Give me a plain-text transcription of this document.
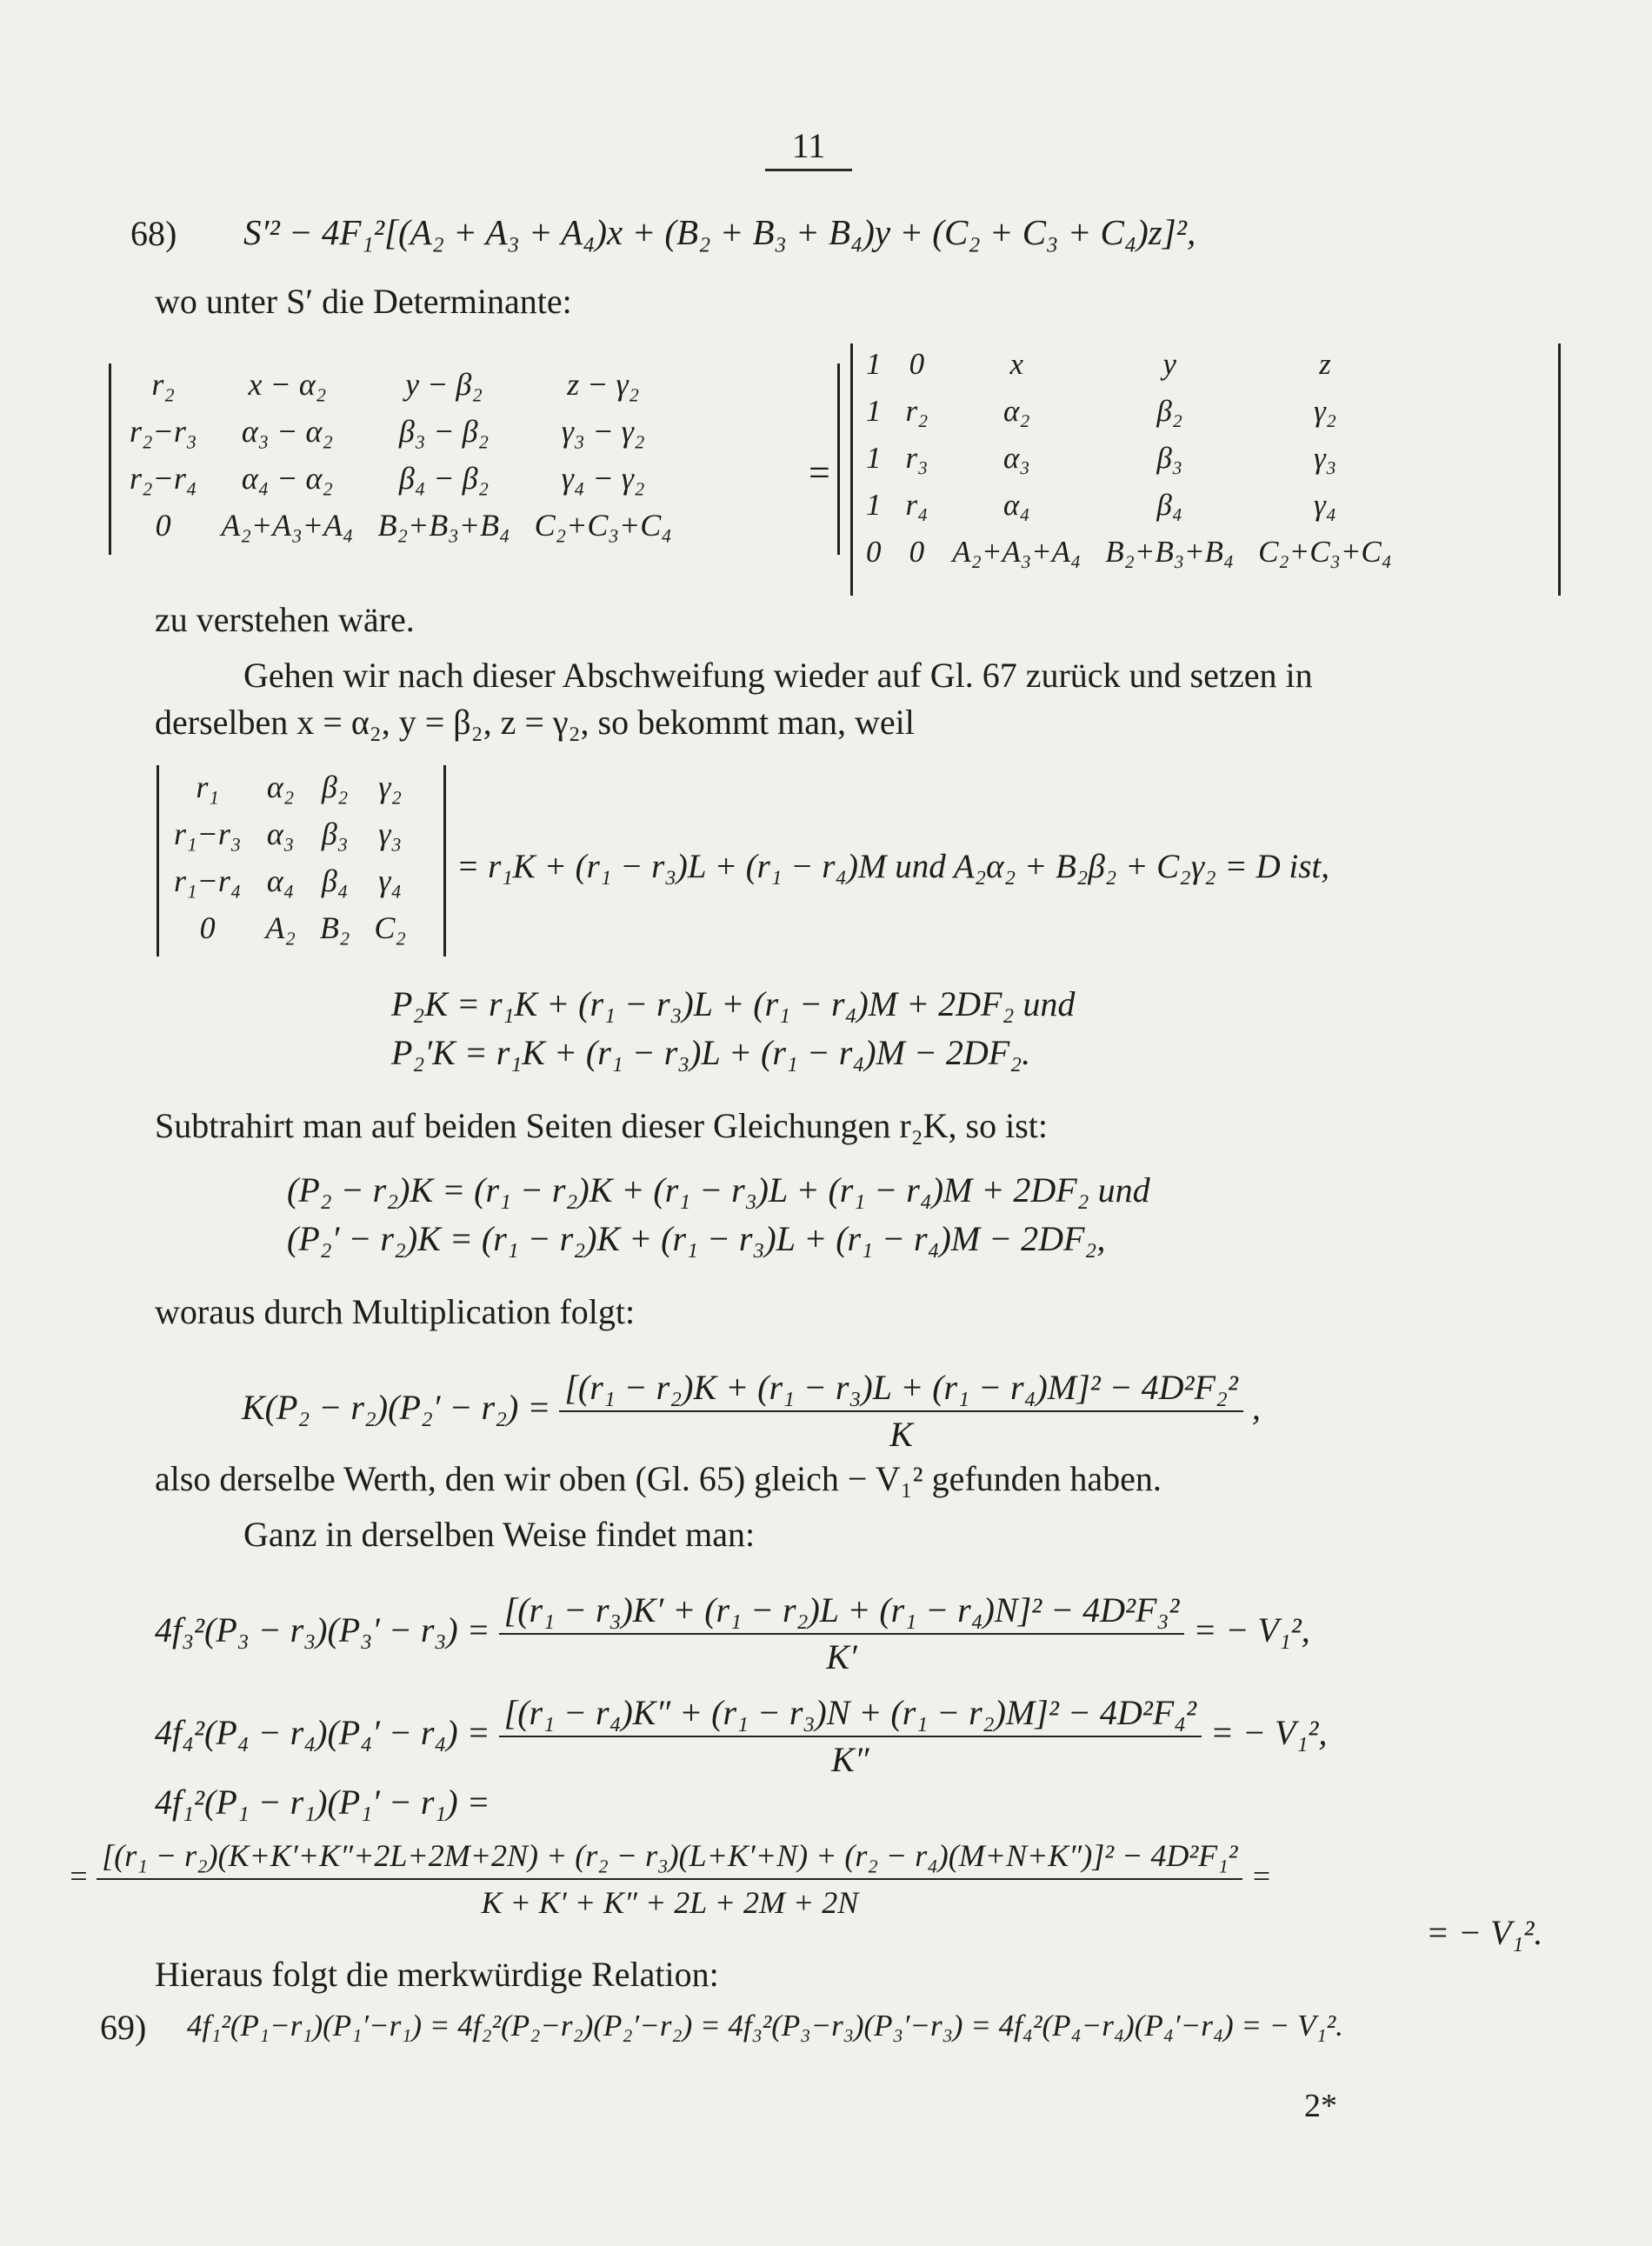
11
68) S′² − 4F₁²[(A₂ + A₃ + A₄)x + (B₂ + B₃ + B₄)y + (C₂ + C₃ + C₄)z]²,
wo unter S′ die Determinante:
r₂	x − α₂	y − β₂	z − γ₂
r₂−r₃	α₃ − α₂	β₃ − β₂	γ₃ − γ₂
r₂−r₄	α₄ − α₂	β₄ − β₂	γ₄ − γ₂
0	A₂+A₃+A₄	B₂+B₃+B₄	C₂+C₃+C₄
=
1	0	x	y	z
1	r₂	α₂	β₂	γ₂
1	r₃	α₃	β₃	γ₃
1	r₄	α₄	β₄	γ₄
0	0	A₂+A₃+A₄	B₂+B₃+B₄	C₂+C₃+C₄
zu verstehen wäre.
Gehen wir nach dieser Abschweifung wieder auf Gl. 67 zurück und setzen in
derselben x = α₂, y = β₂, z = γ₂, so bekommt man, weil
r₁	α₂	β₂	γ₂
r₁−r₃	α₃	β₃	γ₃
r₁−r₄	α₄	β₄	γ₄
0	A₂	B₂	C₂
= r₁K + (r₁ − r₃)L + (r₁ − r₄)M und A₂α₂ + B₂β₂ + C₂γ₂ = D ist,
P₂K = r₁K + (r₁ − r₃)L + (r₁ − r₄)M + 2DF₂ und
P₂′K = r₁K + (r₁ − r₃)L + (r₁ − r₄)M − 2DF₂.
Subtrahirt man auf beiden Seiten dieser Gleichungen r₂K, so ist:
(P₂ − r₂)K = (r₁ − r₂)K + (r₁ − r₃)L + (r₁ − r₄)M + 2DF₂ und
(P₂′ − r₂)K = (r₁ − r₂)K + (r₁ − r₃)L + (r₁ − r₄)M − 2DF₂,
woraus durch Multiplication folgt:
$K(P_2 - r_2)(P_2' - r_2) = \frac{\text{[(r₁ − r₂)K + (r₁ − r₃)L + (r₁ − r₄)M]² − 4D²F₂²}}{K}$ ,
also derselbe Werth, den wir oben (Gl. 65) gleich − V₁² gefunden haben.
Ganz in derselben Weise findet man:
$4f_3^2(P_3 - r_3)(P_3' - r_3) = \frac{\text{[(r₁ − r₃)K′ + (r₁ − r₂)L + (r₁ − r₄)N]² − 4D²F₃²}}{K'}$ = − V₁²,
$4f_4^2(P_4 - r_4)(P_4' - r_4) = \frac{\text{[(r₁ − r₄)K″ + (r₁ − r₃)N + (r₁ − r₂)M]² − 4D²F₄²}}{K''}$ = − V₁²,
4f₁²(P₁ − r₁)(P₁′ − r₁) =
=
[(r₁ − r₂)(K+K′+K″+2L+2M+2N) + (r₂ − r₃)(L+K′+N) + (r₂ − r₄)(M+N+K″)]² − 4D²F₁²
K + K′ + K″ + 2L + 2M + 2N
=
= − V₁².
Hieraus folgt die merkwürdige Relation:
69) 4f₁²(P₁−r₁)(P₁′−r₁) = 4f₂²(P₂−r₂)(P₂′−r₂) = 4f₃²(P₃−r₃)(P₃′−r₃) = 4f₄²(P₄−r₄)(P₄′−r₄) = − V₁².
2*
